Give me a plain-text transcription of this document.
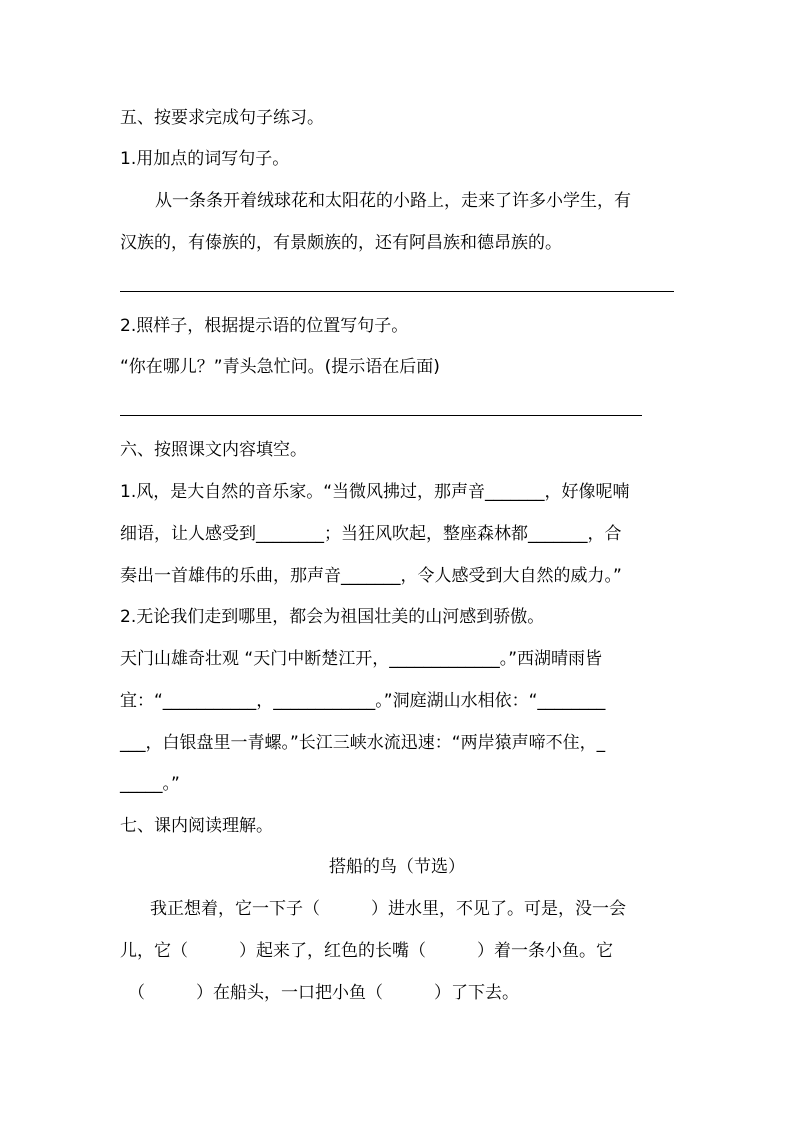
五、按要求完成句子练习。
1.用加点的词写句子。
从一条条开着绒球花和太阳花的小路上，走来了许多小学生，有
汉族的，有傣族的，有景颇族的，还有阿昌族和德昂族的。
2.照样子，根据提示语的位置写句子。
“你在哪儿？”青头急忙问。(提示语在后面)
六、按照课文内容填空。
1.风，是大自然的音乐家。“当微风拂过，那声音_______，好像呢喃
细语，让人感受到________；当狂风吹起，整座森林都_______，合
奏出一首雄伟的乐曲，那声音_______，令人感受到大自然的威力。”
2.无论我们走到哪里，都会为祖国壮美的山河感到骄傲。
天门山雄奇壮观 “天门中断楚江开，_____________。”西湖晴雨皆
宜：“___________，____________。”洞庭湖山水相依：“________
___，白银盘里一青螺。”长江三峡水流迅速：“两岸猿声啼不住，_
_____。”
七、课内阅读理解。
搭船的鸟（节选）
我正想着，它一下子（　　　）进水里，不见了。可是，没一会
儿，它（　　　）起来了，红色的长嘴（　　　）着一条小鱼。它
（　　　）在船头，一口把小鱼（　　　）了下去。
